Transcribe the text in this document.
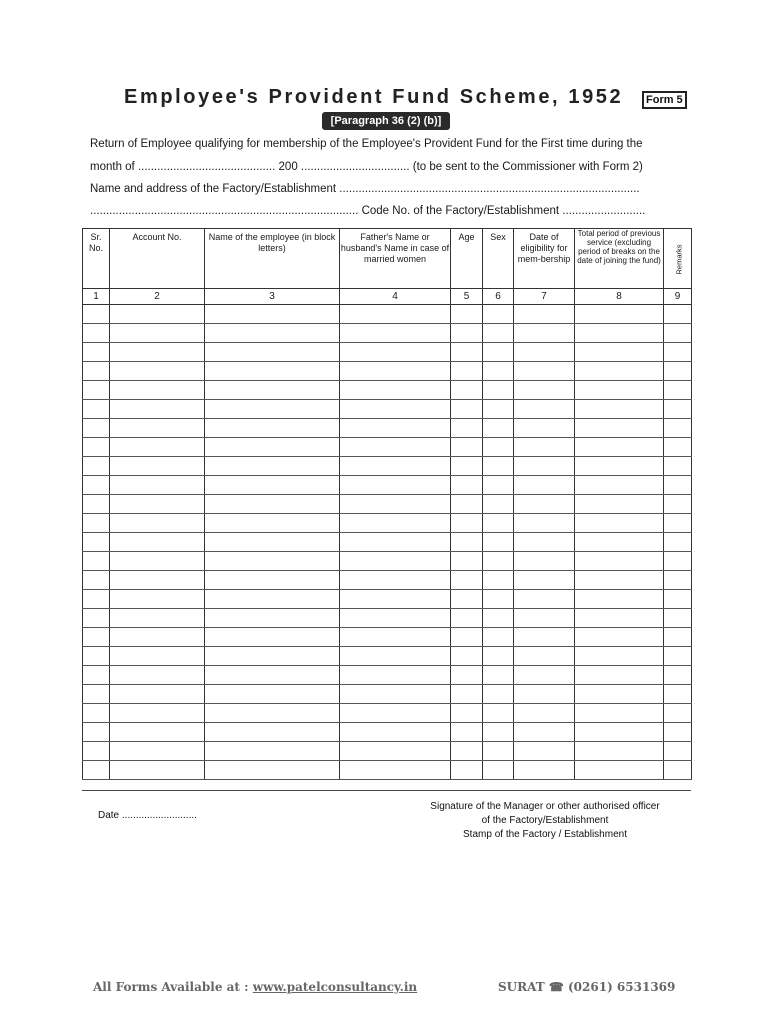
Employee's Provident Fund Scheme, 1952	Form 5
[Paragraph 36 (2) (b)]
Return of Employee qualifying for membership of the Employee's Provident Fund for the First time during the
month of ........................................... 200 .................................. (to be sent to the Commissioner with Form 2)
Name and address of the Factory/Establishment ..............................................................................................
.................................................................................... Code No. of the Factory/Establishment ..........................
Sr. No.	Account No.	Name of the employee (in block letters)	Father's Name or husband's Name in case of married women	Age	Sex	Date of eligibility for mem-bership	Total period of previous service (excluding period of breaks on the date of joining the fund)	Remarks
1	2	3	4	5	6	7	8	9

Date ...........................
Signature of the Manager or other authorised officer
of the Factory/Establishment
Stamp of the Factory / Establishment
All Forms Available at : www.patelconsultancy.in	SURAT ☎ (0261) 6531369
